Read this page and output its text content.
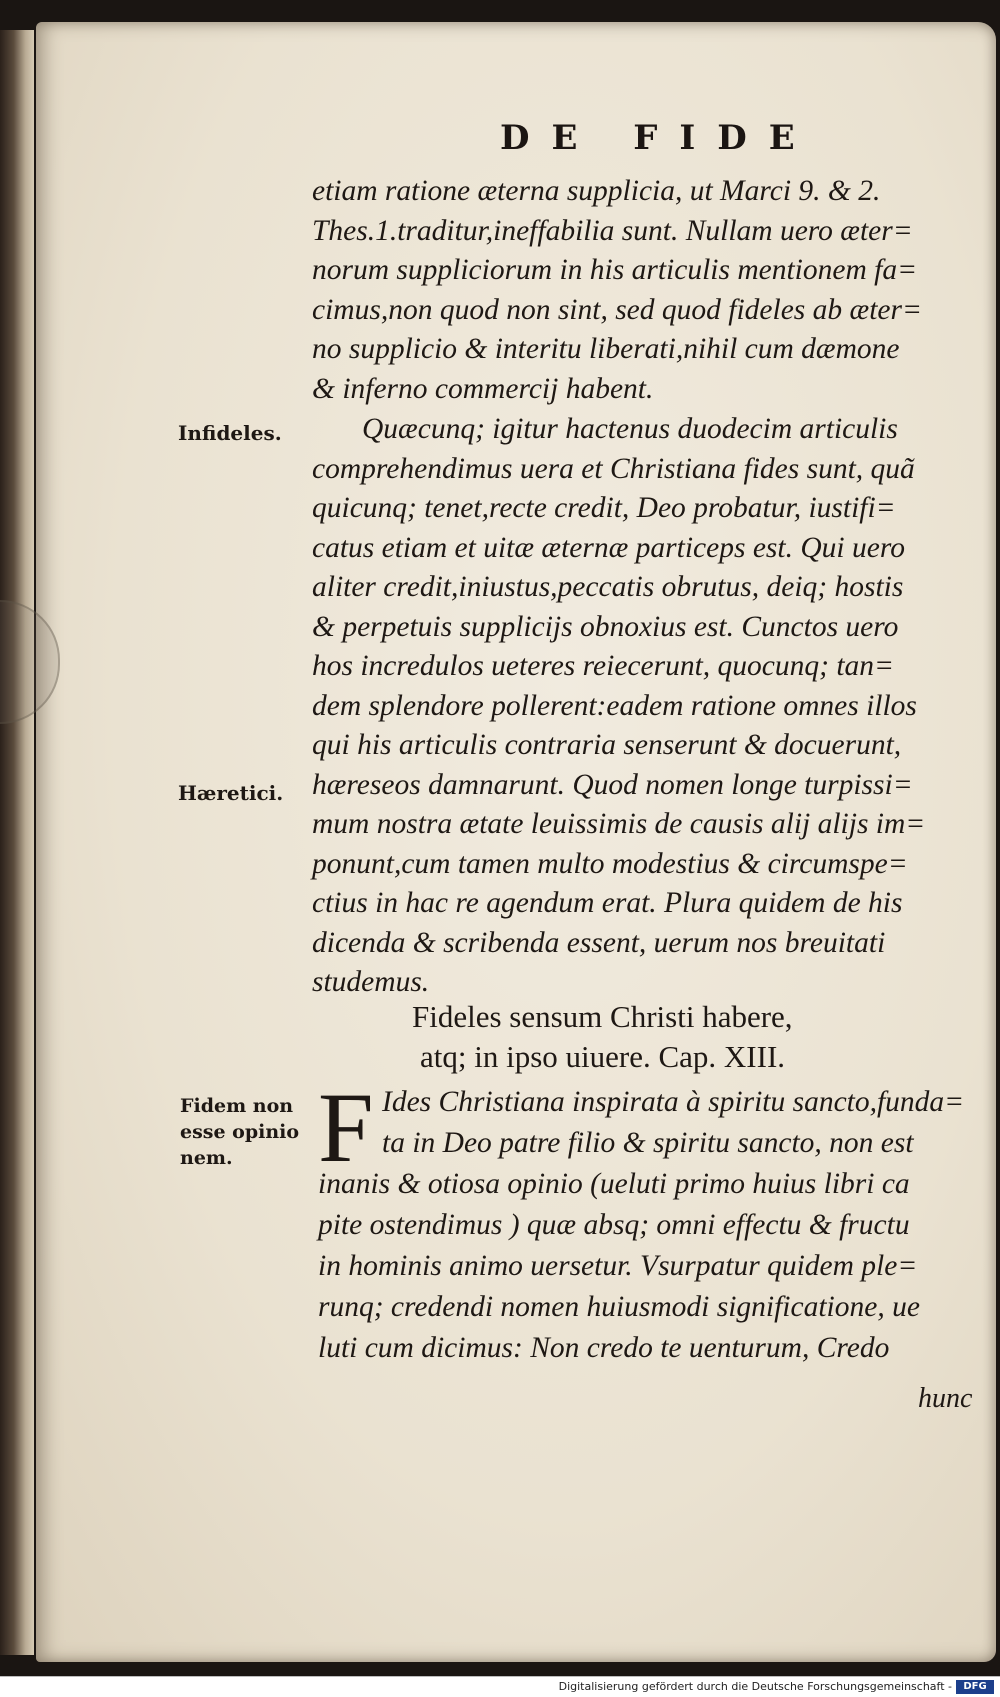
DE FIDE
etiam ratione æterna supplicia, ut Marci 9. & 2.
Thes.1.traditur,ineffabilia sunt. Nullam uero æter=
norum suppliciorum in his articulis mentionem fa=
cimus,non quod non sint, sed quod fideles ab æter=
no supplicio & interitu liberati,nihil cum dæmone
& inferno commercij habent.
Infideles.	Quæcunq; igitur hactenus duodecim articulis
comprehendimus uera et Christiana fides sunt, quã
quicunq; tenet,recte credit, Deo probatur, iustifi=
catus etiam et uitæ æternæ particeps est. Qui uero
aliter credit,iniustus,peccatis obrutus, deiq; hostis
& perpetuis supplicijs obnoxius est. Cunctos uero
hos incredulos ueteres reiecerunt, quocunq; tan=
dem splendore pollerent:eadem ratione omnes illos
qui his articulis contraria senserunt & docuerunt,
hæreseos damnarunt. Quod nomen longe turpissi=
mum nostra ætate leuissimis de causis alij alijs im=
ponunt,cum tamen multo modestius & circumspe=
ctius in hac re agendum erat. Plura quidem de his
dicenda & scribenda essent, uerum nos breuitati
studemus.
Hæretici.
Fideles sensum Christi habere,
atq; in ipso uiuere. Cap. XIII.
Fidem non
esse opinio
nem. F Ides Christiana inspirata à spiritu sancto,funda=
ta in Deo patre filio & spiritu sancto, non est
inanis & otiosa opinio (ueluti primo huius libri ca
pite ostendimus ) quæ absq; omni effectu & fructu
in hominis animo uersetur. Vsurpatur quidem ple=
runq; credendi nomen huiusmodi significatione, ue
luti cum dicimus: Non credo te uenturum, Credo
hunc
Digitalisierung gefördert durch die Deutsche Forschungsgemeinschaft -	DFG
